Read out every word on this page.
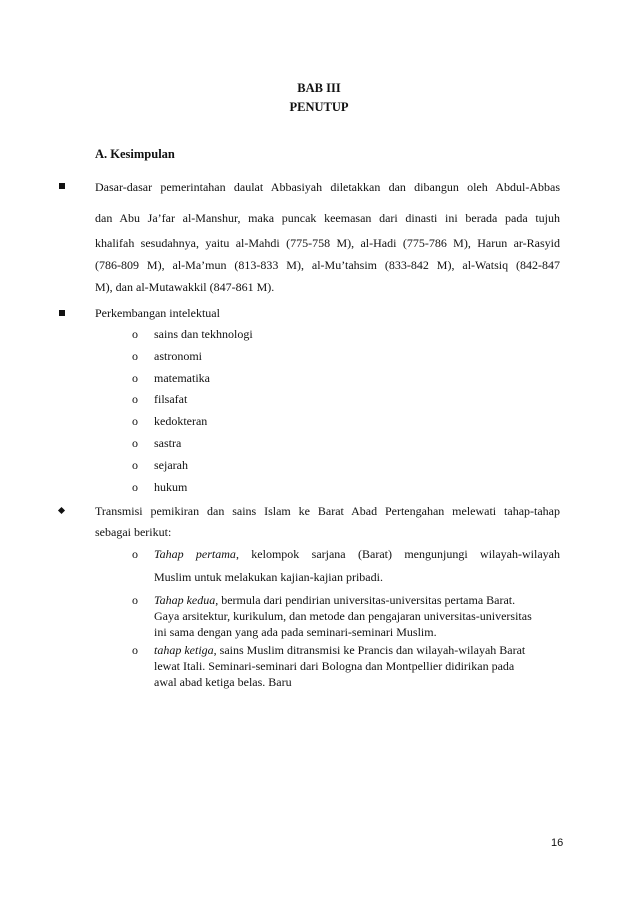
BAB III
PENUTUP
A. Kesimpulan
Dasar-dasar pemerintahan daulat Abbasiyah diletakkan dan dibangun oleh Abdul-Abbas
dan Abu Ja’far al-Manshur, maka puncak keemasan dari dinasti ini berada pada tujuh
khalifah sesudahnya, yaitu al-Mahdi (775-758 M), al-Hadi (775-786 M), Harun ar-Rasyid
(786-809 M), al-Ma’mun (813-833 M), al-Mu’tahsim (833-842 M), al-Watsiq (842-847
M), dan al-Mutawakkil (847-861 M).
Perkembangan intelektual
o sains dan tekhnologi
o astronomi
o matematika
o filsafat
o kedokteran
o sastra
o sejarah
o hukum
Transmisi pemikiran dan sains Islam ke Barat Abad Pertengahan melewati tahap-tahap
sebagai berikut:
o Tahap pertama, kelompok sarjana (Barat) mengunjungi wilayah-wilayah
Muslim untuk melakukan kajian-kajian pribadi.
o Tahap kedua, bermula dari pendirian universitas-universitas pertama Barat.
Gaya arsitektur, kurikulum, dan metode dan pengajaran universitas-universitas
ini sama dengan yang ada pada seminari-seminari Muslim.
o tahap ketiga, sains Muslim ditransmisi ke Prancis dan wilayah-wilayah Barat
lewat Itali. Seminari-seminari dari Bologna dan Montpellier didirikan pada
awal abad ketiga belas. Baru
16
